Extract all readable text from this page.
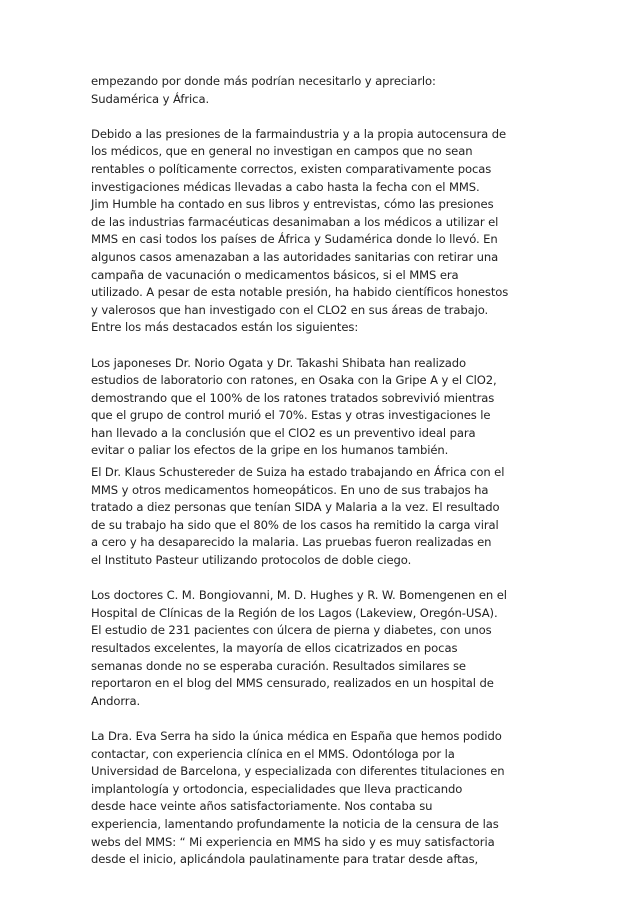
empezando por donde más podrían necesitarlo y apreciarlo:
Sudamérica y África.
Debido a las presiones de la farmaindustria y a la propia autocensura de
los médicos, que en general no investigan en campos que no sean
rentables o políticamente correctos, existen comparativamente pocas
investigaciones médicas llevadas a cabo hasta la fecha con el MMS.
Jim Humble ha contado en sus libros y entrevistas, cómo las presiones
de las industrias farmacéuticas desanimaban a los médicos a utilizar el
MMS en casi todos los países de África y Sudamérica donde lo llevó. En
algunos casos amenazaban a las autoridades sanitarias con retirar una
campaña de vacunación o medicamentos básicos, si el MMS era
utilizado. A pesar de esta notable presión, ha habido científicos honestos
y valerosos que han investigado con el CLO2 en sus áreas de trabajo.
Entre los más destacados están los siguientes:
Los japoneses Dr. Norio Ogata y Dr. Takashi Shibata han realizado
estudios de laboratorio con ratones, en Osaka con la Gripe A y el ClO2,
demostrando que el 100% de los ratones tratados sobrevivió mientras
que el grupo de control murió el 70%. Estas y otras investigaciones le
han llevado a la conclusión que el ClO2 es un preventivo ideal para
evitar o paliar los efectos de la gripe en los humanos también.
El Dr. Klaus Schustereder de Suiza ha estado trabajando en África con el
MMS y otros medicamentos homeopáticos. En uno de sus trabajos ha
tratado a diez personas que tenían SIDA y Malaria a la vez. El resultado
de su trabajo ha sido que el 80% de los casos ha remitido la carga viral
a cero y ha desaparecido la malaria. Las pruebas fueron realizadas en
el Instituto Pasteur utilizando protocolos de doble ciego.
Los doctores C. M. Bongiovanni, M. D. Hughes y R. W. Bomengenen en el
Hospital de Clínicas de la Región de los Lagos (Lakeview, Oregón-USA).
El estudio de 231 pacientes con úlcera de pierna y diabetes, con unos
resultados excelentes, la mayoría de ellos cicatrizados en pocas
semanas donde no se esperaba curación. Resultados similares se
reportaron en el blog del MMS censurado, realizados en un hospital de
Andorra.
La Dra. Eva Serra ha sido la única médica en España que hemos podido
contactar, con experiencia clínica en el MMS. Odontóloga por la
Universidad de Barcelona, y especializada con diferentes titulaciones en
implantología y ortodoncia, especialidades que lleva practicando
desde hace veinte años satisfactoriamente. Nos contaba su
experiencia, lamentando profundamente la noticia de la censura de las
webs del MMS: “ Mi experiencia en MMS ha sido y es muy satisfactoria
desde el inicio, aplicándola paulatinamente para tratar desde aftas,
